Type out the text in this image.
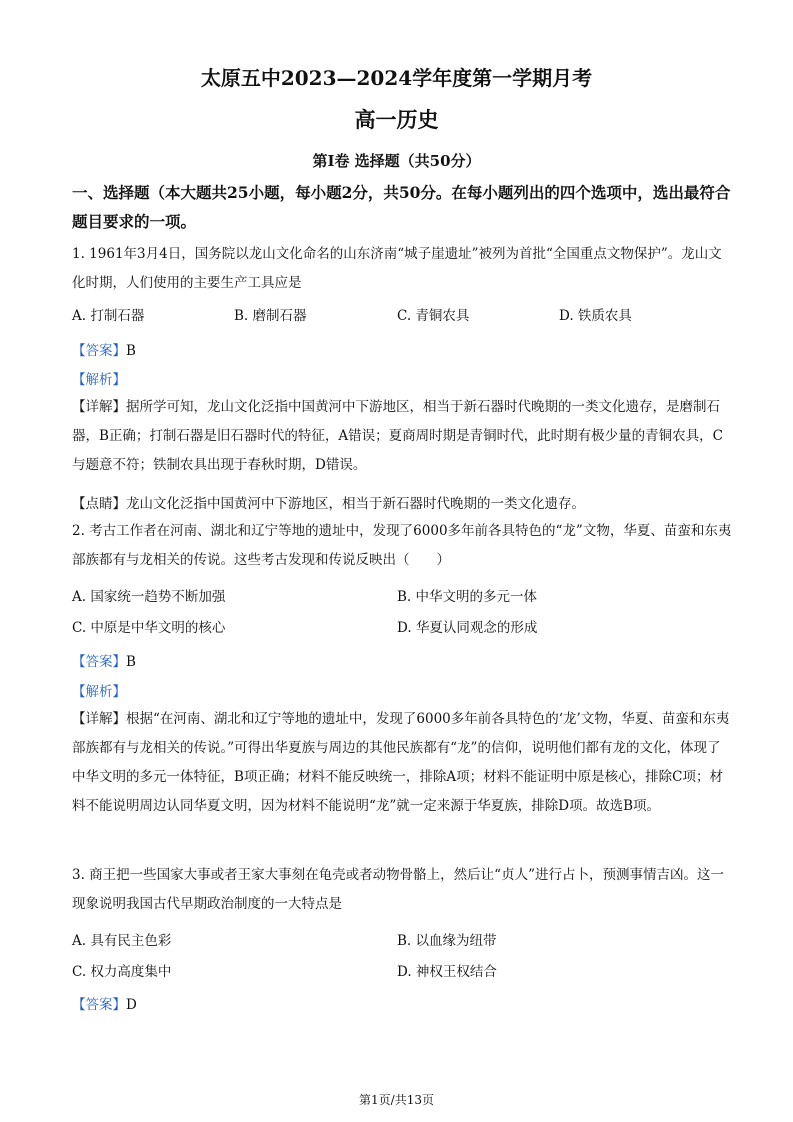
太原五中2023—2024学年度第一学期月考
高一历史
第Ⅰ卷 选择题（共50分）
一、选择题（本大题共25小题，每小题2分，共50分。在每小题列出的四个选项中，选出最符合题目要求的一项。
1. 1961年3月4日，国务院以龙山文化命名的山东济南“城子崖遗址”被列为首批“全国重点文物保护”。龙山文化时期，人们使用的主要生产工具应是
A. 打制石器	B. 磨制石器	C. 青铜农具	D. 铁质农具
【答案】B
【解析】
【详解】据所学可知，龙山文化泛指中国黄河中下游地区，相当于新石器时代晚期的一类文化遗存，是磨制石器，B正确；打制石器是旧石器时代的特征，A错误；夏商周时期是青铜时代，此时期有极少量的青铜农具，C与题意不符；铁制农具出现于春秋时期，D错误。
【点睛】龙山文化泛指中国黄河中下游地区，相当于新石器时代晚期的一类文化遗存。
2. 考古工作者在河南、湖北和辽宁等地的遗址中，发现了6000多年前各具特色的“龙”文物，华夏、苗蛮和东夷部族都有与龙相关的传说。这些考古发现和传说反映出（　　）
A. 国家统一趋势不断加强	B. 中华文明的多元一体
C. 中原是中华文明的核心	D. 华夏认同观念的形成
【答案】B
【解析】
【详解】根据“在河南、湖北和辽宁等地的遗址中，发现了6000多年前各具特色的‘龙’文物，华夏、苗蛮和东夷部族都有与龙相关的传说。”可得出华夏族与周边的其他民族都有“龙”的信仰，说明他们都有龙的文化，体现了中华文明的多元一体特征，B项正确；材料不能反映统一，排除A项；材料不能证明中原是核心，排除C项；材料不能说明周边认同华夏文明，因为材料不能说明“龙”就一定来源于华夏族，排除D项。故选B项。
3. 商王把一些国家大事或者王家大事刻在龟壳或者动物骨骼上，然后让“贞人”进行占卜，预测事情吉凶。这一现象说明我国古代早期政治制度的一大特点是
A. 具有民主色彩	B. 以血缘为纽带
C. 权力高度集中	D. 神权王权结合
【答案】D
第1页/共13页
